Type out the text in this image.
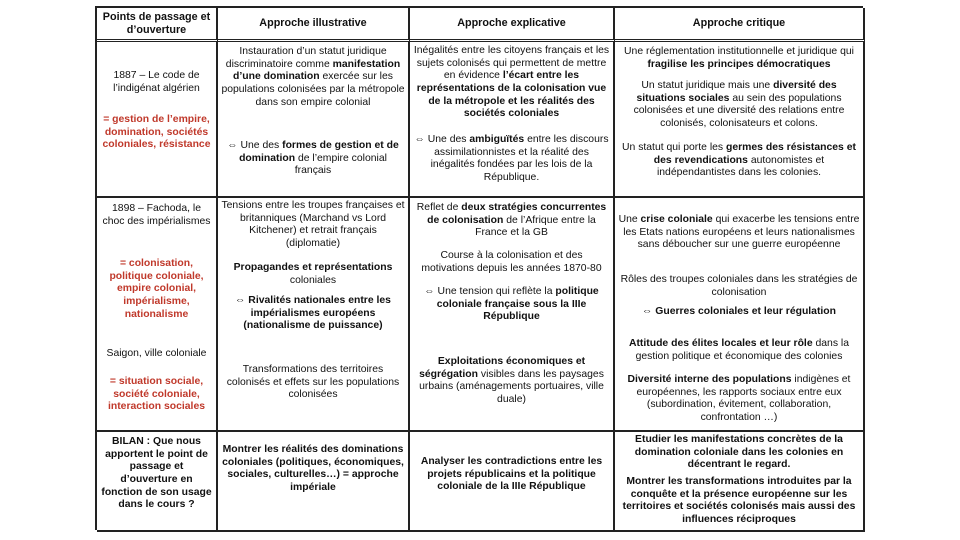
Points de passage et d’ouverture
Approche illustrative	Approche explicative	Approche critique
1887 – Le code de l’indigénat algérien
= gestion de l’empire, domination, sociétés coloniales, résistance
Instauration d’un statut juridique discriminatoire comme manifestation d’une domination exercée sur les populations colonisées par la métropole dans son empire colonial
⇔ Une des formes de gestion et de domination de l’empire colonial français
Inégalités entre les citoyens français et les sujets colonisés qui permettent de mettre en évidence l’écart entre les représentations de la colonisation vue de la métropole et les réalités des sociétés coloniales
⇔ Une des ambiguïtés entre les discours assimilationnistes et la réalité des inégalités fondées par les lois de la République.
Une réglementation institutionnelle et juridique qui fragilise les principes démocratiques
Un statut juridique mais une diversité des situations sociales au sein des populations colonisées et une diversité des relations entre colonisés, colonisateurs et colons.
Un statut qui porte les germes des résistances et des revendications autonomistes et indépendantistes dans les colonies.
1898 – Fachoda, le choc des impérialismes
= colonisation, politique coloniale, empire colonial, impérialisme, nationalisme
Saigon, ville coloniale
= situation sociale, société coloniale, interaction sociales
Tensions entre les troupes françaises et britanniques (Marchand vs Lord Kitchener) et retrait français (diplomatie)
Propagandes et représentations coloniales
⇔ Rivalités nationales entre les impérialismes européens (nationalisme de puissance)
Transformations des territoires colonisés et effets sur les populations colonisées
Reflet de deux stratégies concurrentes de colonisation de l’Afrique entre la France et la GB
Course à la colonisation et des motivations depuis les années 1870-80
⇔ Une tension qui reflète la politique coloniale française sous la IIIe République
Exploitations économiques et ségrégation visibles dans les paysages urbains (aménagements portuaires, ville duale)
Une crise coloniale qui exacerbe les tensions entre les Etats nations européens et leurs nationalismes sans déboucher sur une guerre européenne
Rôles des troupes coloniales dans les stratégies de colonisation
⇔ Guerres coloniales et leur régulation
Attitude des élites locales et leur rôle dans la gestion politique et économique des colonies
Diversité interne des populations indigènes et européennes, les rapports sociaux entre eux (subordination, évitement, collaboration, confrontation …)
BILAN : Que nous apportent le point de passage et d’ouverture en fonction de son usage dans le cours ?
Montrer les réalités des dominations coloniales (politiques, économiques, sociales, culturelles…) = approche impériale
Analyser les contradictions entre les projets républicains et la politique coloniale de la IIIe République
Etudier les manifestations concrètes de la domination coloniale dans les colonies en décentrant le regard.
Montrer les transformations introduites par la conquête et la présence européenne sur les territoires et sociétés colonisés mais aussi des influences réciproques
